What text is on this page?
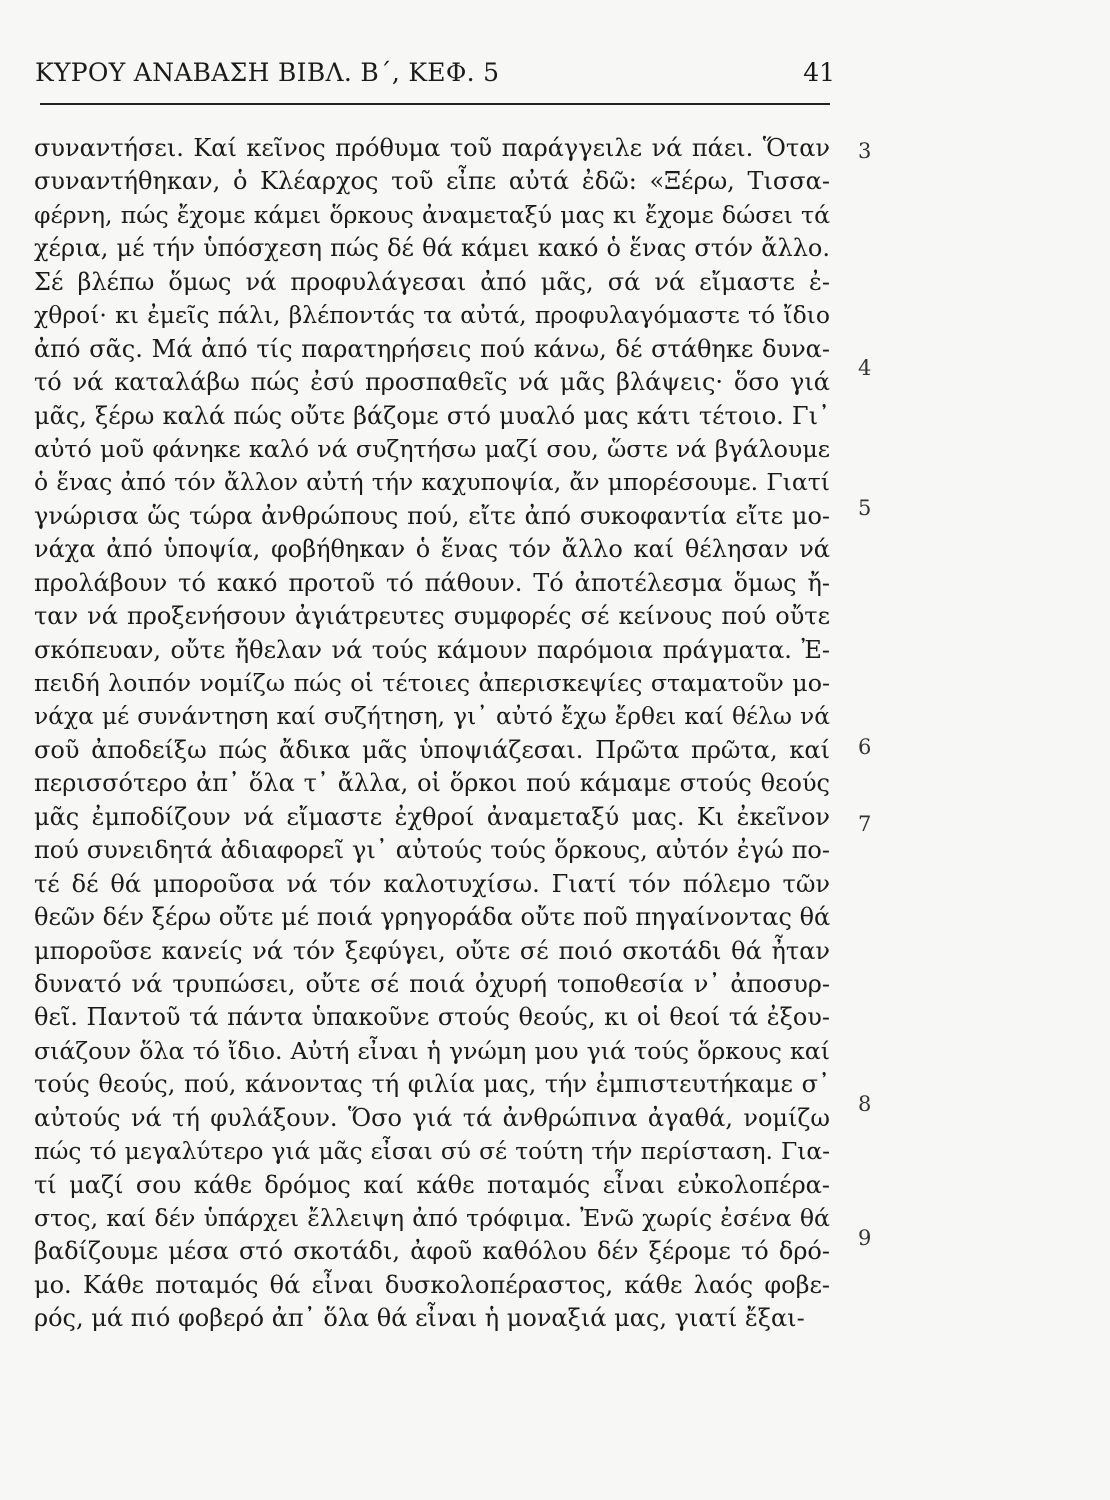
ΚΥΡΟΥ ΑΝΑΒΑΣΗ ΒΙΒΛ. Β΄, ΚΕΦ. 5	41
συναντήσει. Καί κεῖνος πρόθυμα τοῦ παράγγειλε νά πάει. Ὅταν
συναντήθηκαν, ὁ Κλέαρχος τοῦ εἶπε αὐτά ἐδῶ: «Ξέρω, Τισσα-
φέρνη, πώς ἔχομε κάμει ὅρκους ἀναμεταξύ μας κι ἔχομε δώσει τά
χέρια, μέ τήν ὑπόσχεση πώς δέ θά κάμει κακό ὁ ἕνας στόν ἄλλο.
Σέ βλέπω ὅμως νά προφυλάγεσαι ἀπό μᾶς, σά νά εἴμαστε ἐ-
χθροί· κι ἐμεῖς πάλι, βλέποντάς τα αὐτά, προφυλαγόμαστε τό ἴδιο
ἀπό σᾶς. Μά ἀπό τίς παρατηρήσεις πού κάνω, δέ στάθηκε δυνα-
τό νά καταλάβω πώς ἐσύ προσπαθεῖς νά μᾶς βλάψεις· ὅσο γιά
μᾶς, ξέρω καλά πώς οὔτε βάζομε στό μυαλό μας κάτι τέτοιο. Γι᾿
αὐτό μοῦ φάνηκε καλό νά συζητήσω μαζί σου, ὥστε νά βγάλουμε
ὁ ἕνας ἀπό τόν ἄλλον αὐτή τήν καχυποψία, ἄν μπορέσουμε. Γιατί
γνώρισα ὥς τώρα ἀνθρώπους πού, εἴτε ἀπό συκοφαντία εἴτε μο-
νάχα ἀπό ὑποψία, φοβήθηκαν ὁ ἕνας τόν ἄλλο καί θέλησαν νά
προλάβουν τό κακό προτοῦ τό πάθουν. Τό ἀποτέλεσμα ὅμως ἤ-
ταν νά προξενήσουν ἀγιάτρευτες συμφορές σέ κείνους πού οὔτε
σκόπευαν, οὔτε ἤθελαν νά τούς κάμουν παρόμοια πράγματα. Ἐ-
πειδή λοιπόν νομίζω πώς οἱ τέτοιες ἀπερισκεψίες σταματοῦν μο-
νάχα μέ συνάντηση καί συζήτηση, γι᾿ αὐτό ἔχω ἔρθει καί θέλω νά
σοῦ ἀποδείξω πώς ἄδικα μᾶς ὑποψιάζεσαι. Πρῶτα πρῶτα, καί
περισσότερο ἀπ᾿ ὅλα τ᾿ ἄλλα, οἱ ὅρκοι πού κάμαμε στούς θεούς
μᾶς ἐμποδίζουν νά εἴμαστε ἐχθροί ἀναμεταξύ μας. Κι ἐκεῖνον
πού συνειδητά ἀδιαφορεῖ γι᾿ αὐτούς τούς ὅρκους, αὐτόν ἐγώ πο-
τέ δέ θά μποροῦσα νά τόν καλοτυχίσω. Γιατί τόν πόλεμο τῶν
θεῶν δέν ξέρω οὔτε μέ ποιά γρηγοράδα οὔτε ποῦ πηγαίνοντας θά
μποροῦσε κανείς νά τόν ξεφύγει, οὔτε σέ ποιό σκοτάδι θά ἦταν
δυνατό νά τρυπώσει, οὔτε σέ ποιά ὀχυρή τοποθεσία ν᾿ ἀποσυρ-
θεῖ. Παντοῦ τά πάντα ὑπακοῦνε στούς θεούς, κι οἱ θεοί τά ἐξου-
σιάζουν ὅλα τό ἴδιο. Αὐτή εἶναι ἡ γνώμη μου γιά τούς ὅρκους καί
τούς θεούς, πού, κάνοντας τή φιλία μας, τήν ἐμπιστευτήκαμε σ᾿
αὐτούς νά τή φυλάξουν. Ὅσο γιά τά ἀνθρώπινα ἀγαθά, νομίζω
πώς τό μεγαλύτερο γιά μᾶς εἶσαι σύ σέ τούτη τήν περίσταση. Για-
τί μαζί σου κάθε δρόμος καί κάθε ποταμός εἶναι εὐκολοπέρα-
στος, καί δέν ὑπάρχει ἔλλειψη ἀπό τρόφιμα. Ἐνῶ χωρίς ἐσένα θά
βαδίζουμε μέσα στό σκοτάδι, ἀφοῦ καθόλου δέν ξέρομε τό δρό-
μο. Κάθε ποταμός θά εἶναι δυσκολοπέραστος, κάθε λαός φοβε-
ρός, μά πιό φοβερό ἀπ᾿ ὅλα θά εἶναι ἡ μοναξιά μας, γιατί ἔξαι-
3
4
5
6
7
8
9
